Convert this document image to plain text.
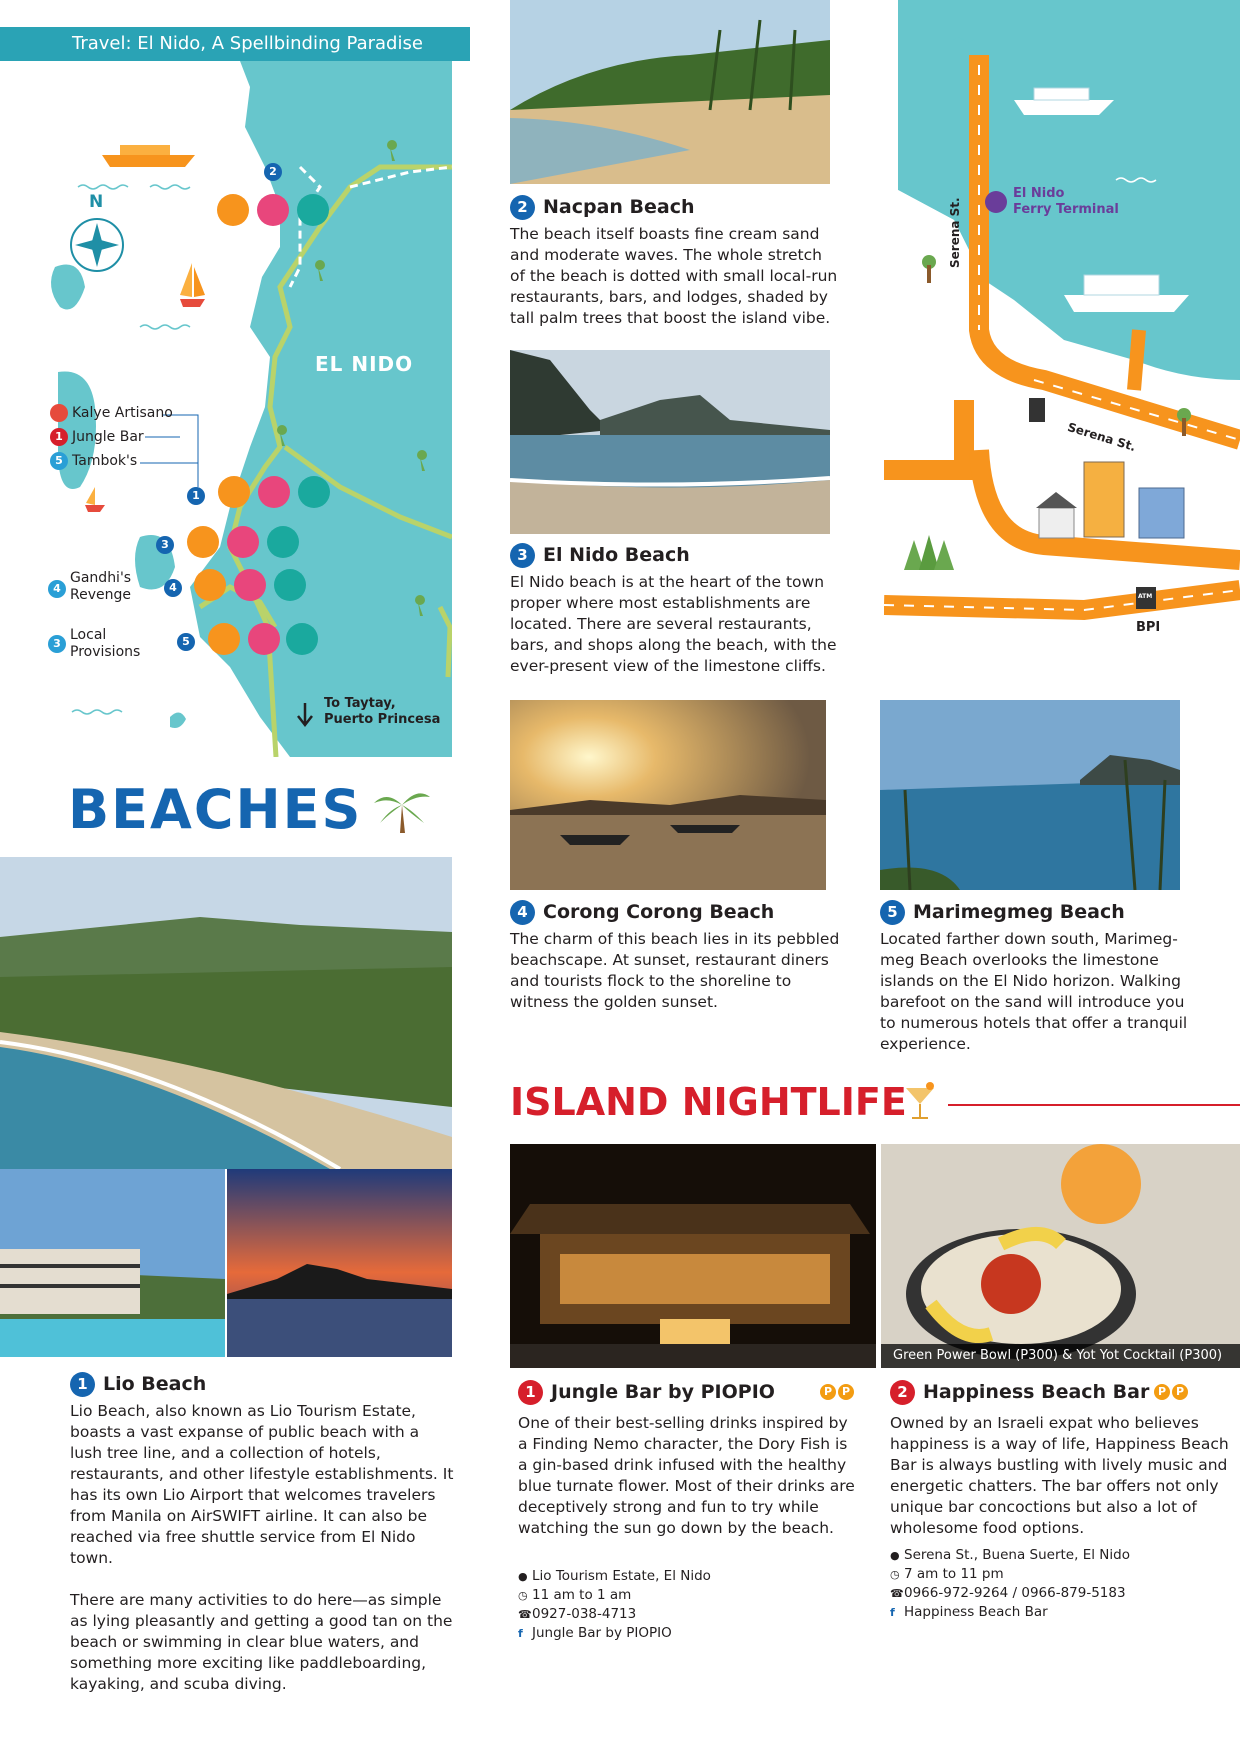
Travel: El Nido, A Spellbinding Paradise
N
EL NIDO
To Taytay,
Puerto Princesa
2
1
3
4
5
Kalye Artisano
1 Jungle Bar
5 Tambok's
4
Gandhi's
Revenge
3
Local
Provisions
El Nido
Ferry Terminal
Serena St.
Serena St.
ATM
BPI
BEACHES
Green Power Bowl (P300) & Yot Yot Cocktail (P300)
2 Nacpan Beach
The beach itself boasts fine cream sand and moderate waves. The whole stretch of the beach is dotted with small local-run restaurants, bars, and lodges, shaded by tall palm trees that boost the island vibe.
3 El Nido Beach
El Nido beach is at the heart of the town proper where most establishments are located. There are several restaurants, bars, and shops along the beach, with the ever-present view of the limestone cliffs.
4 Corong Corong Beach
The charm of this beach lies in its pebbled beachscape. At sunset, restaurant diners and tourists flock to the shoreline to witness the golden sunset.
5 Marimegmeg Beach
Located farther down south, Marimeg-meg Beach overlooks the limestone islands on the El Nido horizon. Walking barefoot on the sand will introduce you to numerous hotels that offer a tranquil experience.
1 Lio Beach
Lio Beach, also known as Lio Tourism Estate, boasts a vast expanse of public beach with a lush tree line, and a collection of hotels, restaurants, and other lifestyle establishments. It has its own Lio Airport that welcomes travelers from Manila on AirSWIFT airline. It can also be reached via free shuttle service from El Nido town.
There are many activities to do here—as simple as lying pleasantly and getting a good tan on the beach or swimming in clear blue waters, and something more exciting like paddleboarding, kayaking, and scuba diving.
ISLAND NIGHTLIFE
1 Jungle Bar by PIOPIO
One of their best-selling drinks inspired by a Finding Nemo character, the Dory Fish is a gin-based drink infused with the healthy blue turnate flower. Most of their drinks are deceptively strong and fun to try while watching the sun go down by the beach.
● Lio Tourism Estate, El Nido
◷ 11 am to 1 am
☎0927-038-4713
f Jungle Bar by PIOPIO
P P	2 Happiness Beach Bar
Owned by an Israeli expat who believes happiness is a way of life, Happiness Beach Bar is always bustling with lively music and energetic chatters. The bar offers not only unique bar concoctions but also a lot of wholesome food options.
● Serena St., Buena Suerte, El Nido
◷ 7 am to 11 pm
☎0966-972-9264 / 0966-879-5183
f Happiness Beach Bar
P P
